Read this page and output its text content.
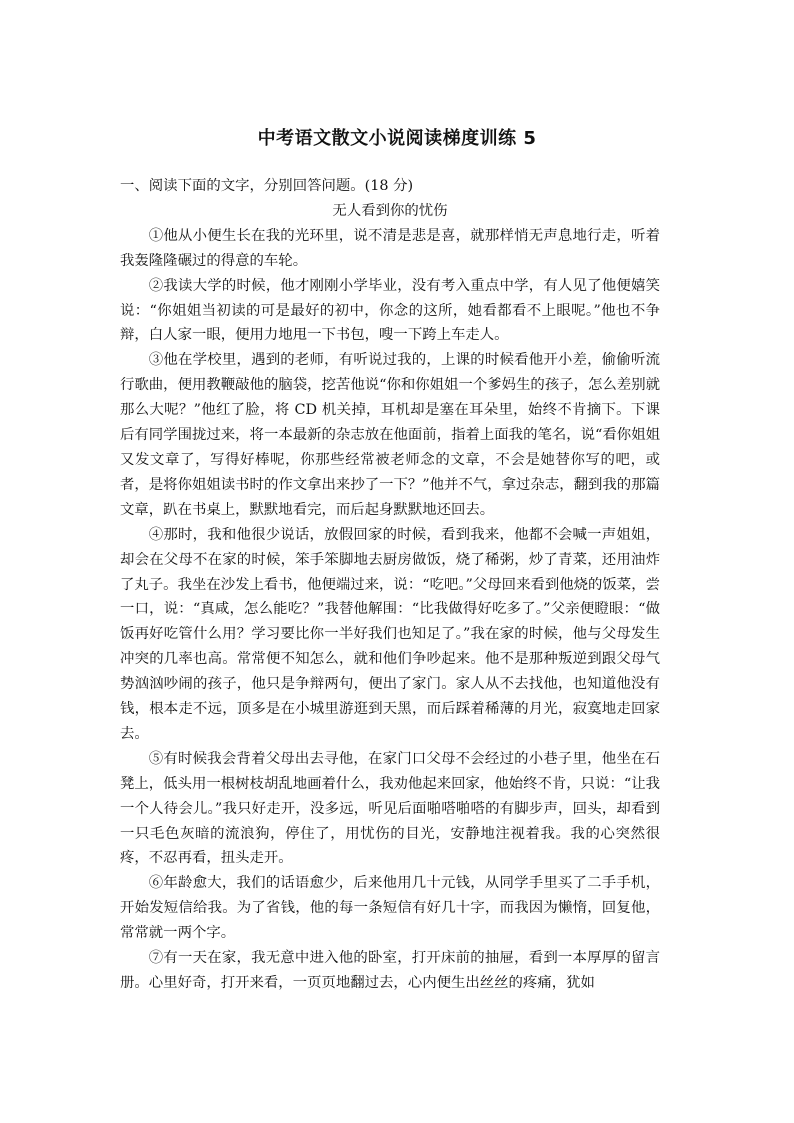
中考语文散文小说阅读梯度训练 5

一、阅读下面的文字，分别回答问题。(18 分)

无人看到你的忧伤

①他从小便生长在我的光环里，说不清是悲是喜，就那样悄无声息地行走，听着我轰隆隆碾过的得意的车轮。

②我读大学的时候，他才刚刚小学毕业，没有考入重点中学，有人见了他便嬉笑说：“你姐姐当初读的可是最好的初中，你念的这所，她看都看不上眼呢。”他也不争辩，白人家一眼，便用力地甩一下书包，嗖一下跨上车走人。

③他在学校里，遇到的老师，有听说过我的，上课的时候看他开小差，偷偷听流行歌曲，便用教鞭敲他的脑袋，挖苦他说“你和你姐姐一个爹妈生的孩子，怎么差别就那么大呢？”他红了脸，将 CD 机关掉，耳机却是塞在耳朵里，始终不肯摘下。下课后有同学围拢过来，将一本最新的杂志放在他面前，指着上面我的笔名，说“看你姐姐又发文章了，写得好棒呢，你那些经常被老师念的文章，不会是她替你写的吧，或者，是将你姐姐读书时的作文拿出来抄了一下？”他并不气，拿过杂志，翻到我的那篇文章，趴在书桌上，默默地看完，而后起身默默地还回去。

④那时，我和他很少说话，放假回家的时候，看到我来，他都不会喊一声姐姐，却会在父母不在家的时候，笨手笨脚地去厨房做饭，烧了稀粥，炒了青菜，还用油炸了丸子。我坐在沙发上看书，他便端过来，说：“吃吧。”父母回来看到他烧的饭菜，尝一口，说：“真咸，怎么能吃？”我替他解围：“比我做得好吃多了。”父亲便瞪眼：“做饭再好吃管什么用？学习要比你一半好我们也知足了。”我在家的时候，他与父母发生冲突的几率也高。常常便不知怎么，就和他们争吵起来。他不是那种叛逆到跟父母气势汹汹吵闹的孩子，他只是争辩两句，便出了家门。家人从不去找他，也知道他没有钱，根本走不远，顶多是在小城里游逛到天黑，而后踩着稀薄的月光，寂寞地走回家去。

⑤有时候我会背着父母出去寻他，在家门口父母不会经过的小巷子里，他坐在石凳上，低头用一根树枝胡乱地画着什么，我劝他起来回家，他始终不肯，只说：“让我一个人待会儿。”我只好走开，没多远，听见后面啪嗒啪嗒的有脚步声，回头，却看到一只毛色灰暗的流浪狗，停住了，用忧伤的目光，安静地注视着我。我的心突然很疼，不忍再看，扭头走开。

⑥年龄愈大，我们的话语愈少，后来他用几十元钱，从同学手里买了二手手机，开始发短信给我。为了省钱，他的每一条短信有好几十字，而我因为懒惰，回复他，常常就一两个字。

⑦有一天在家，我无意中进入他的卧室，打开床前的抽屉，看到一本厚厚的留言册。心里好奇，打开来看，一页页地翻过去，心内便生出丝丝的疼痛，犹如
